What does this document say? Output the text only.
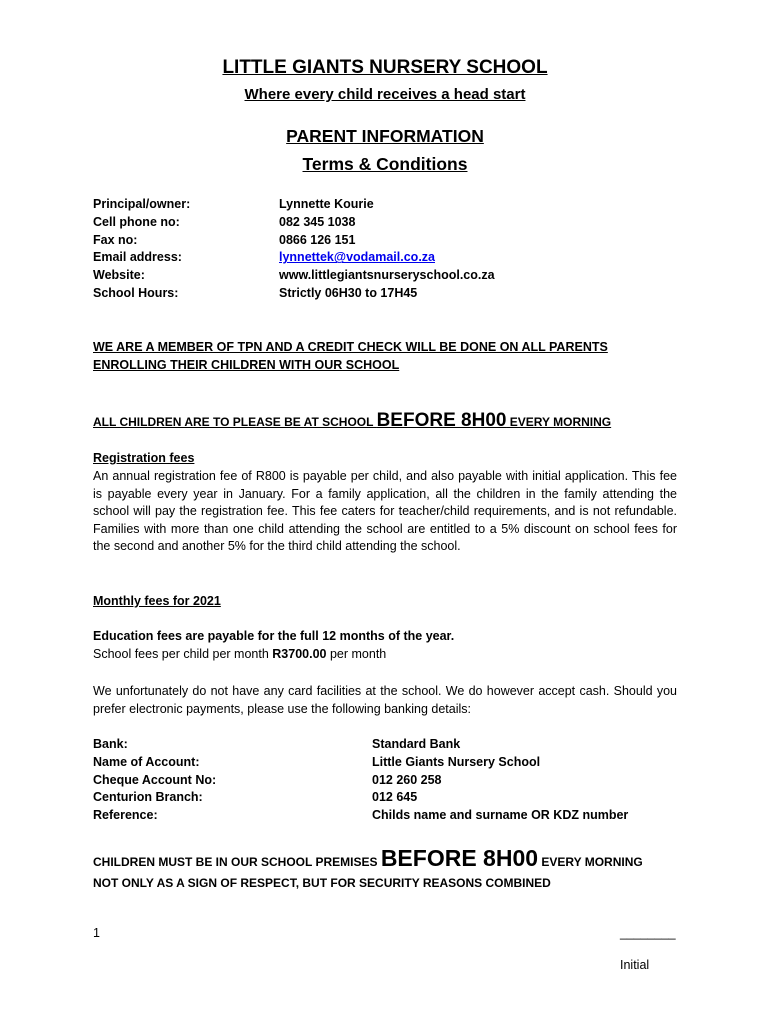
LITTLE GIANTS NURSERY SCHOOL
Where every child receives a head start
PARENT INFORMATION
Terms & Conditions
Principal/owner:	Lynnette Kourie
Cell phone no:	082 345 1038
Fax no:	0866 126 151
Email address:	lynnettek@vodamail.co.za
Website:	www.littlegiantsnurseryschool.co.za
School Hours:	Strictly 06H30 to 17H45
WE ARE A MEMBER OF TPN AND A CREDIT CHECK WILL BE DONE ON ALL PARENTS
ENROLLING THEIR CHILDREN WITH OUR SCHOOL
ALL CHILDREN ARE TO PLEASE BE AT SCHOOL BEFORE 8H00 EVERY MORNING
Registration fees
An annual registration fee of R800 is payable per child, and also payable with initial application. This fee is payable every year in January. For a family application, all the children in the family attending the school will pay the registration fee. This fee caters for teacher/child requirements, and is not refundable. Families with more than one child attending the school are entitled to a 5% discount on school fees for the second and another 5% for the third child attending the school.
Monthly fees for 2021
Education fees are payable for the full 12 months of the year.
School fees per child per month R3700.00 per month
We unfortunately do not have any card facilities at the school. We do however accept cash. Should you prefer electronic payments, please use the following banking details:
Bank:	Standard Bank
Name of Account:	Little Giants Nursery School
Cheque Account No:	012 260 258
Centurion Branch:	012 645
Reference:	Childs name and surname OR KDZ number
CHILDREN MUST BE IN OUR SCHOOL PREMISES BEFORE 8H00 EVERY MORNING
NOT ONLY AS A SIGN OF RESPECT, BUT FOR SECURITY REASONS COMBINED
1	________
Initial
